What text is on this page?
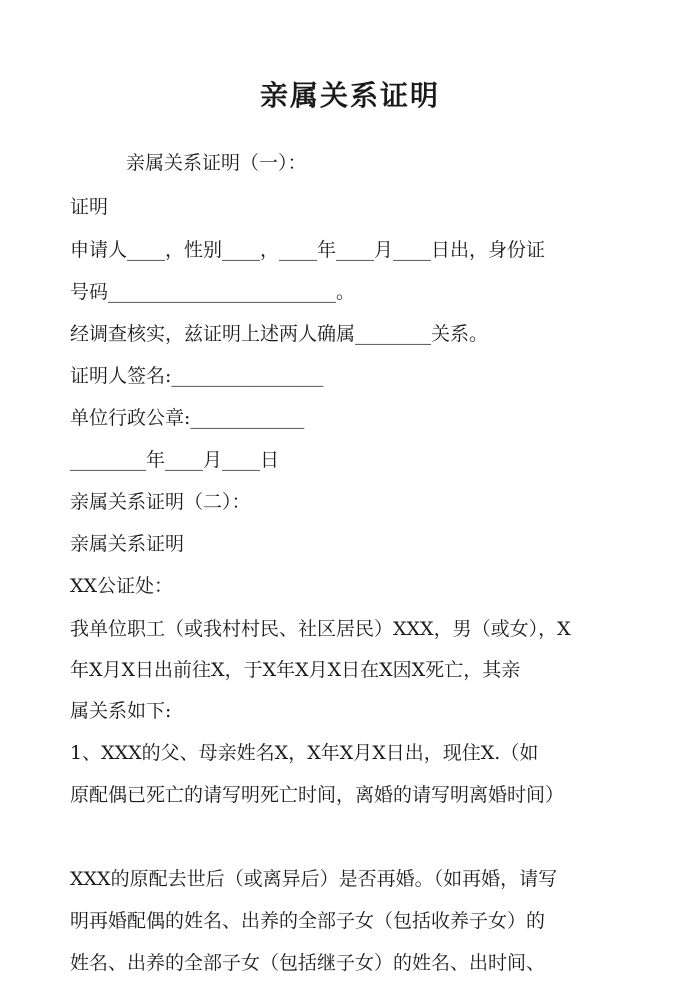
亲属关系证明
亲属关系证明（一）：
证明
申请人____，性别____，____年____月____日出，身份证
号码________________________。
经调查核实，兹证明上述两人确属________关系。
证明人签名:________________
单位行政公章:____________
________年____月____日
亲属关系证明（二）：
亲属关系证明
XX公证处：
我单位职工（或我村村民、社区居民）XXX，男（或女），X
年X月X日出前往X，于X年X月X日在X因X死亡，其亲
属关系如下:
1、XXX的父、母亲姓名X，X年X月X日出，现住X.（如
原配偶已死亡的请写明死亡时间，离婚的请写明离婚时间）
XXX的原配去世后（或离异后）是否再婚。（如再婚，请写
明再婚配偶的姓名、出养的全部子女（包括收养子女）的
姓名、出养的全部子女（包括继子女）的姓名、出时间、
